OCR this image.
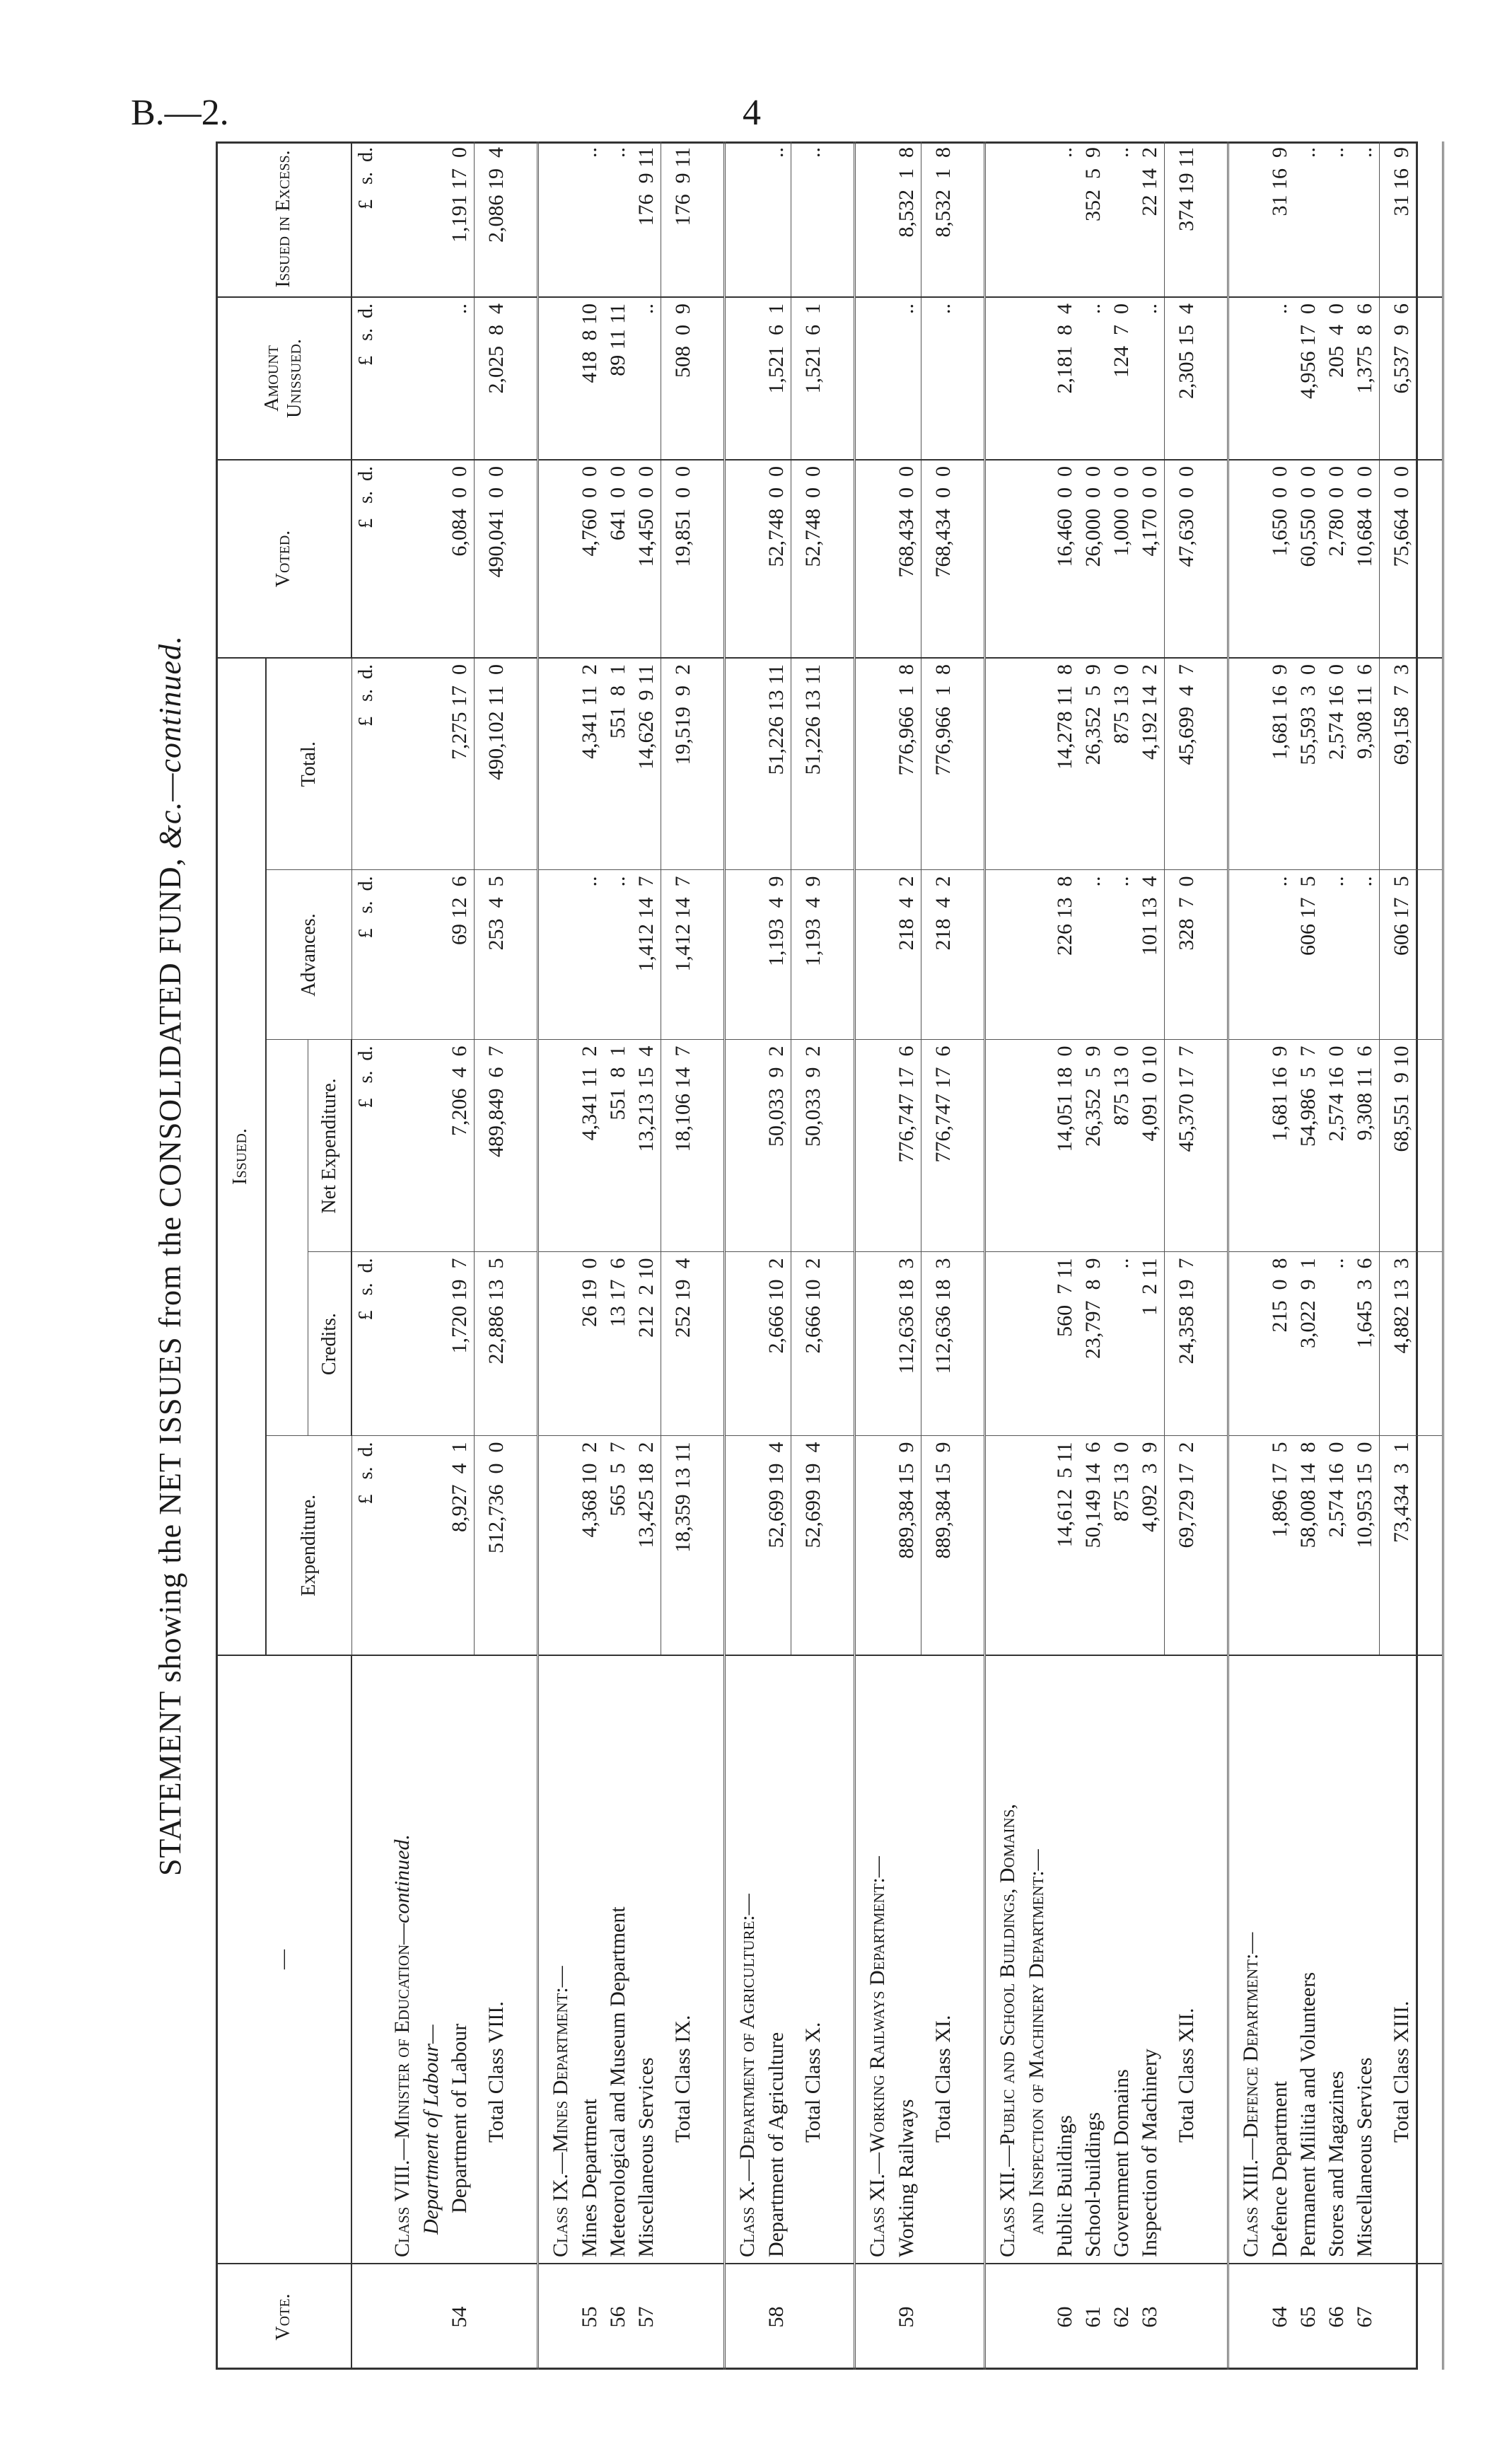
B.—2.	4
STATEMENT showing the NET ISSUES from the CONSOLIDATED FUND, &c.—continued.
Vote.	—	Issued.					Voted.	Amount Unissued.	Issued in Excess.
		Expenditure.			Advances.	Total.			
			Credits.	Net Expenditure.					
		£   s.  d.	£   s.  d.	£   s.  d.	£   s.  d.	£   s.  d.	£   s.  d.	£   s.  d.	£   s.  d.
	Class VIII.—Minister of Education—continued.								
	Department of Labour—								
54	Department of Labour	8,927  4  1	1,720 19  7	7,206  4  6	69 12  6	7,275 17  0	6,084  0  0	..	1,191 17  0
	Total Class VIII.	512,736  0  0	22,886 13  5	489,849  6  7	253  4  5	490,102 11  0	490,041  0  0	2,025  8  4	2,086 19  4

	Class IX.—Mines Department:—								
55	Mines Department	4,368 10  2	26 19  0	4,341 11  2	..	4,341 11  2	4,760  0  0	418  8 10	..
56	Meteorological and Museum Department	565  5  7	13 17  6	551  8  1	..	551  8  1	641  0  0	89 11 11	..
57	Miscellaneous Services	13,425 18  2	212  2 10	13,213 15  4	1,412 14  7	14,626  9 11	14,450  0  0	..	176  9 11
	Total Class IX.	18,359 13 11	252 19  4	18,106 14  7	1,412 14  7	19,519  9  2	19,851  0  0	508  0  9	176  9 11

	Class X.—Department of Agriculture:—								
58	Department of Agriculture	52,699 19  4	2,666 10  2	50,033  9  2	1,193  4  9	51,226 13 11	52,748  0  0	1,521  6  1	..
	Total Class X.	52,699 19  4	2,666 10  2	50,033  9  2	1,193  4  9	51,226 13 11	52,748  0  0	1,521  6  1	..

	Class XI.—Working Railways Department:—								
59	Working Railways	889,384 15  9	112,636 18  3	776,747 17  6	218  4  2	776,966  1  8	768,434  0  0	..	8,532  1  8
	Total Class XI.	889,384 15  9	112,636 18  3	776,747 17  6	218  4  2	776,966  1  8	768,434  0  0	..	8,532  1  8

	Class XII.—Public and School Buildings, Domains,								
	and Inspection of Machinery Department:—								
60	Public Buildings	14,612  5 11	560  7 11	14,051 18  0	226 13  8	14,278 11  8	16,460  0  0	2,181  8  4	..
61	School-buildings	50,149 14  6	23,797  8  9	26,352  5  9	..	26,352  5  9	26,000  0  0	..	352  5  9
62	Government Domains	875 13  0	..	875 13  0	..	875 13  0	1,000  0  0	124  7  0	..
63	Inspection of Machinery	4,092  3  9	1  2 11	4,091  0 10	101 13  4	4,192 14  2	4,170  0  0	..	22 14  2
	Total Class XII.	69,729 17  2	24,358 19  7	45,370 17  7	328  7  0	45,699  4  7	47,630  0  0	2,305 15  4	374 19 11

	Class XIII.—Defence Department:—								
64	Defence Department	1,896 17  5	215  0  8	1,681 16  9	..	1,681 16  9	1,650  0  0	..	31 16  9
65	Permanent Militia and Volunteers	58,008 14  8	3,022  9  1	54,986  5  7	606 17  5	55,593  3  0	60,550  0  0	4,956 17  0	..
66	Stores and Magazines	2,574 16  0	..	2,574 16  0	..	2,574 16  0	2,780  0  0	205  4  0	..
67	Miscellaneous Services	10,953 15  0	1,645  3  6	9,308 11  6	..	9,308 11  6	10,684  0  0	1,375  8  6	..
	Total Class XIII.	73,434  3  1	4,882 13  3	68,551  9 10	606 17  5	69,158  7  3	75,664  0  0	6,537  9  6	31 16  9
